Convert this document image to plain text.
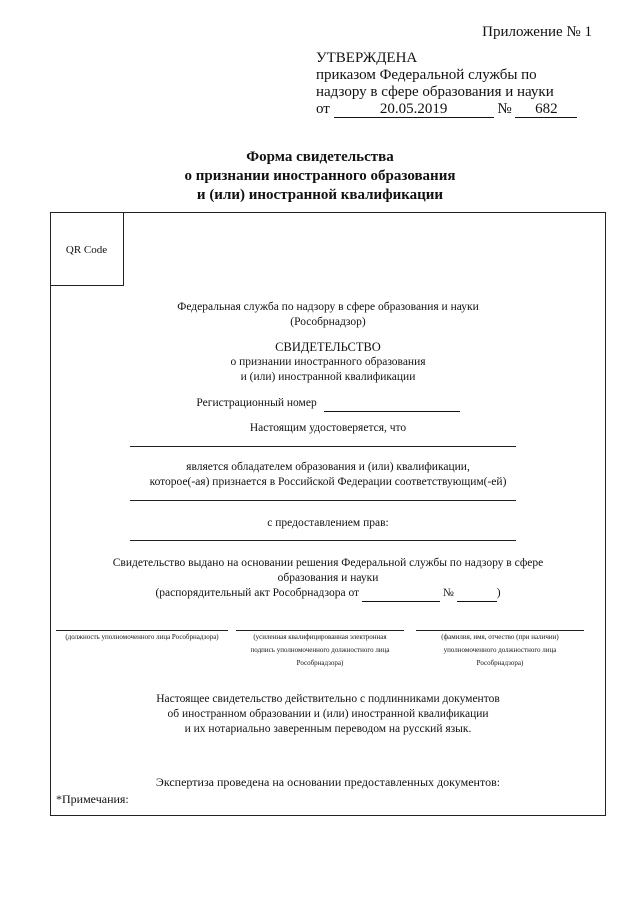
Приложение № 1
УТВЕРЖДЕНА
приказом Федеральной службы по
надзору в сфере образования и науки
от	20.05.2019	№ 682
Форма свидетельства
о признании иностранного образования
и (или) иностранной квалификации
QR Code
Федеральная служба по надзору в сфере образования и науки
(Рособрнадзор)
СВИДЕТЕЛЬСТВО
о признании иностранного образования
и (или) иностранной квалификации
Регистрационный номер
Настоящим удостоверяется, что
является обладателем образования и (или) квалификации,
которое(-ая) признается в Российской Федерации соответствующим(-ей)
с предоставлением прав:
Свидетельство выдано на основании решения Федеральной службы по надзору в сфере
образования и науки
(распорядительный акт Рособрнадзора от	№	)
(должность уполномоченного лица Рособрнадзора)	(усиленная квалифицированная электронная
подпись уполномоченного должностного лица
Рособрнадзора)
(фамилия, имя, отчество (при наличии)
уполномоченного должностного лица
Рособрнадзора)
Настоящее свидетельство действительно с подлинниками документов
об иностранном образовании и (или) иностранной квалификации
и их нотариально заверенным переводом на русский язык.
Экспертиза проведена на основании предоставленных документов:
*Примечания:
